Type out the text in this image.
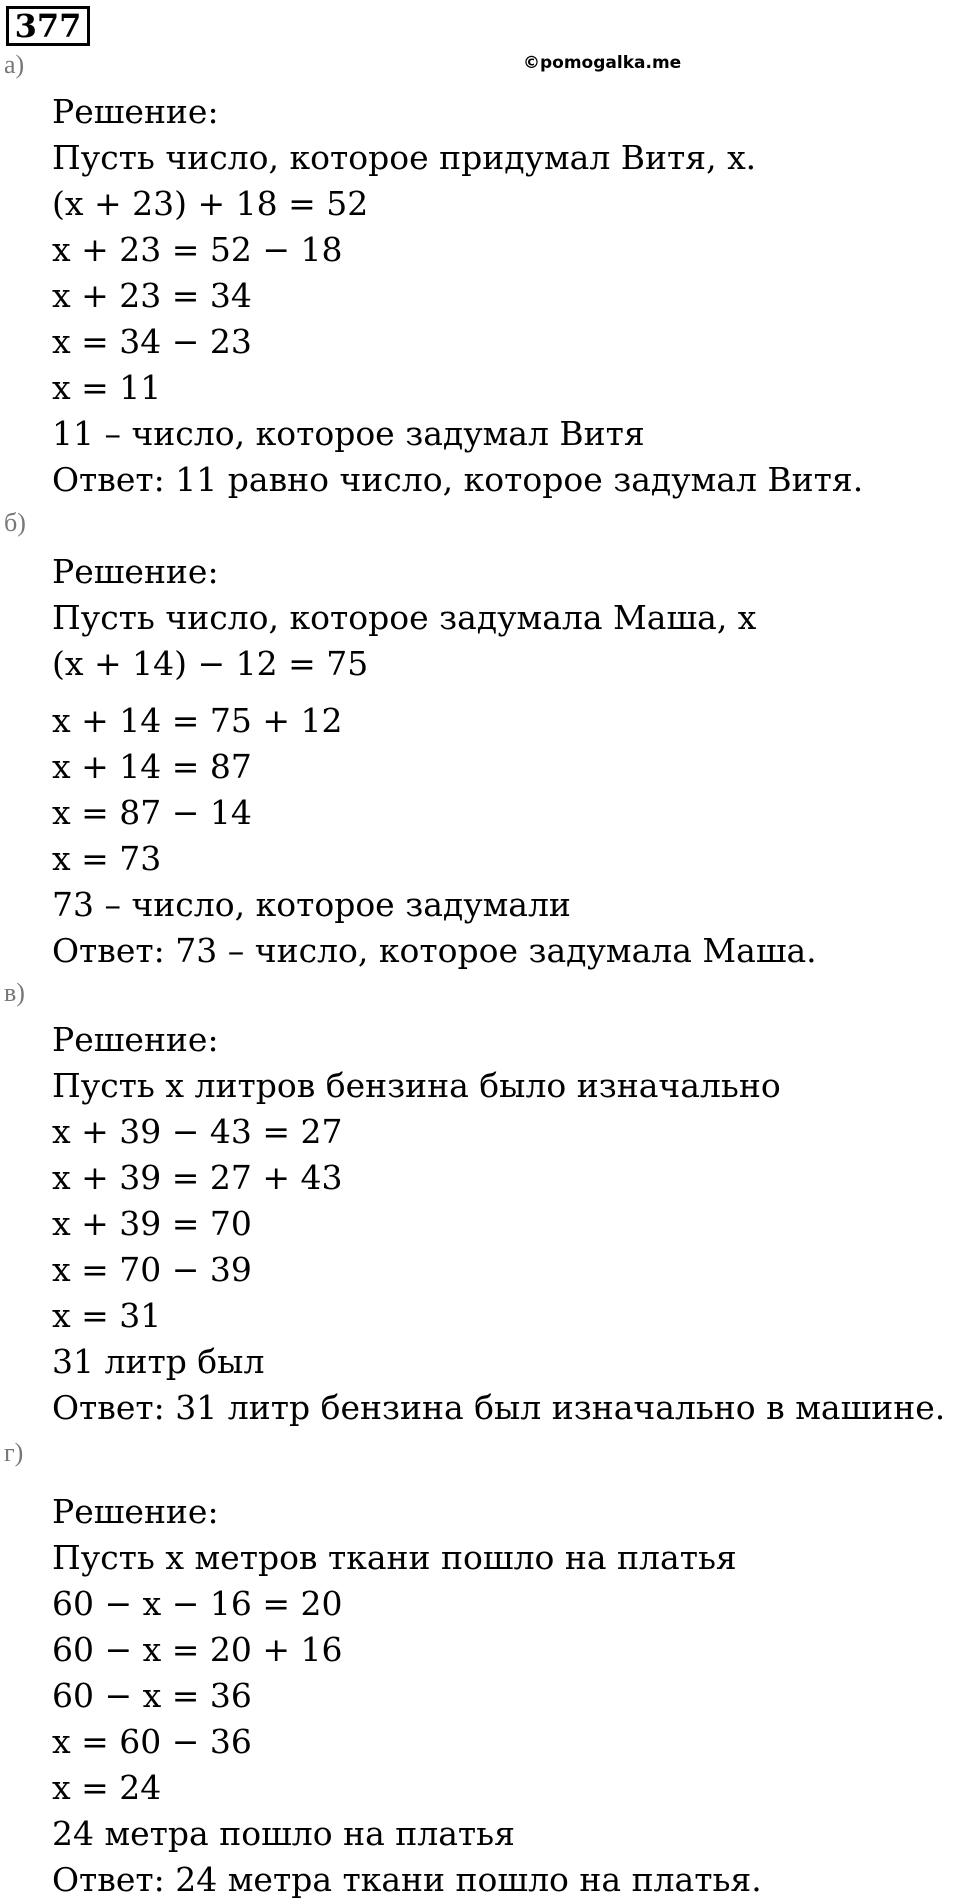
377
©pomogalka.me
а)
Решение:
Пусть число, которое придумал Витя, x.
(x + 23) + 18 = 52
x + 23 = 52 − 18
x + 23 = 34
x = 34 − 23
x = 11
11 – число, которое задумал Витя
Ответ: 11 равно число, которое задумал Витя.
б)
Решение:
Пусть число, которое задумала Маша, x
(x + 14) − 12 = 75
x + 14 = 75 + 12
x + 14 = 87
x = 87 − 14
x = 73
73 – число, которое задумали
Ответ: 73 – число, которое задумала Маша.
в)
Решение:
Пусть x литров бензина было изначально
x + 39 − 43 = 27
x + 39 = 27 + 43
x + 39 = 70
x = 70 − 39
x = 31
31 литр был
Ответ: 31 литр бензина был изначально в машине.
г)
Решение:
Пусть x метров ткани пошло на платья
60 − x − 16 = 20
60 − x = 20 + 16
60 − x = 36
x = 60 − 36
x = 24
24 метра пошло на платья
Ответ: 24 метра ткани пошло на платья.
